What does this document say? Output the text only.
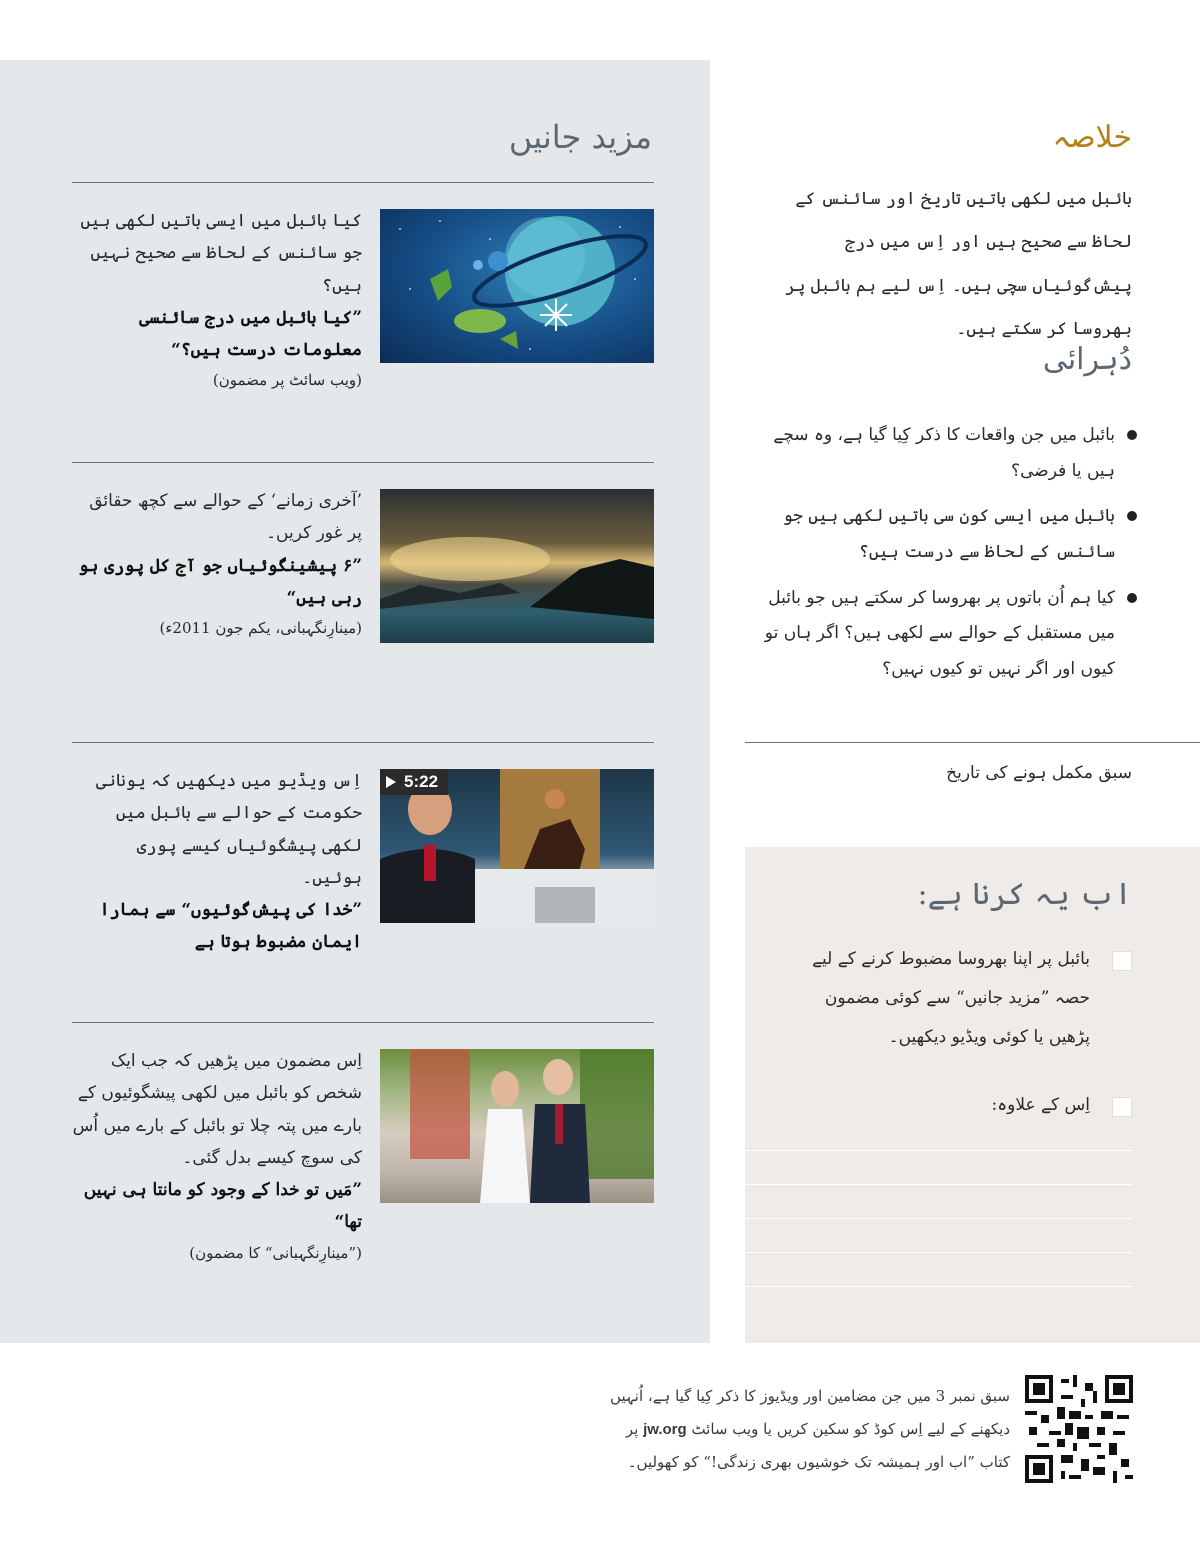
مزید جانیں
کیا بائبل میں ایسی باتیں لکھی ہیں جو سائنس کے لحاظ سے صحیح نہیں ہیں؟
”کیا بائبل میں درج سائنسی معلومات درست ہیں؟“
(ویب سائٹ پر مضمون)
’آخری زمانے‘ کے حوالے سے کچھ حقائق پر غور کریں۔
”۶ پیشینگوئیاں جو آج کل پوری ہو رہی ہیں“
(مینارِنگہبانی، یکم جون 2011ء)
5:22
اِس ویڈیو میں دیکھیں کہ یونانی حکومت کے حوالے سے بائبل میں لکھی پیشگوئیاں کیسے پوری ہوئیں۔
”خدا کی پیش‌گوئیوں“ سے ہمارا ایمان مضبوط ہوتا ہے
اِس مضمون میں پڑھیں کہ جب ایک شخص کو بائبل میں لکھی پیشگوئیوں کے بارے میں پتہ چلا تو بائبل کے بارے میں اُس کی سوچ کیسے بدل گئی۔
”مَیں تو خدا کے وجود کو مانتا ہی نہیں تھا“
(”مینارِنگہبانی“ کا مضمون)
خلاصہ
بائبل میں لکھی باتیں تاریخ اور سائنس کے لحاظ سے صحیح ہیں اور اِس میں درج پیش‌گوئیاں سچی ہیں۔ اِس لیے ہم بائبل پر بھروسا کر سکتے ہیں۔
دُہرائی
بائبل میں جن واقعات کا ذکر کِیا گیا ہے، وہ سچے ہیں یا فرضی؟
بائبل میں ایسی کون سی باتیں لکھی ہیں جو سائنس کے لحاظ سے درست ہیں؟
کیا ہم اُن باتوں پر بھروسا کر سکتے ہیں جو بائبل میں مستقبل کے حوالے سے لکھی ہیں؟ اگر ہاں تو کیوں اور اگر نہیں تو کیوں نہیں؟
سبق مکمل ہونے کی تاریخ
اب یہ کرنا ہے:
بائبل پر اپنا بھروسا مضبوط کرنے کے لیے حصہ ”مزید جانیں“ سے کوئی مضمون پڑھیں یا کوئی ویڈیو دیکھیں۔
اِس کے علاوہ:
سبق نمبر 3 میں جن مضامین اور ویڈیوز کا ذکر کِیا گیا ہے، اُنہیں دیکھنے کے لیے اِس کوڈ کو سکین کریں یا ویب سائٹ jw.org پر کتاب ”اب اور ہمیشہ تک خوشیوں بھری زندگی!“ کو کھولیں۔
